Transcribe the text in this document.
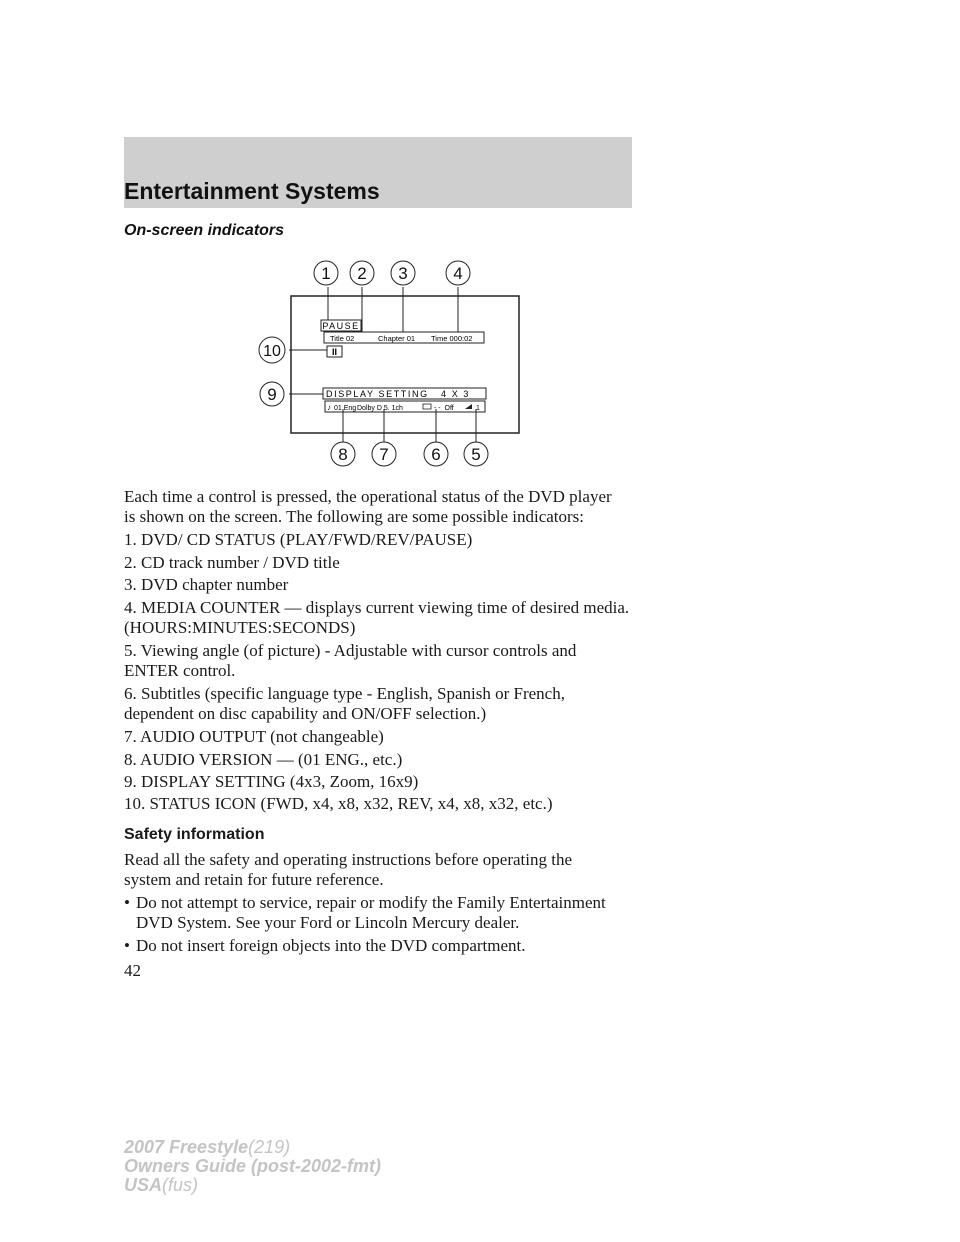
Entertainment Systems
On-screen indicators
PAUSE
Title 02	Chapter 01 Time 000:02
II
DISPLAY SETTING   4 X 3
♪ 01 Eng Dolby D 5. 1ch	- -  Off	1
1 2 3	4
10
9
8 7	6 5
Each time a control is pressed, the operational status of the DVD player
is shown on the screen. The following are some possible indicators:
1. DVD/ CD STATUS (PLAY/FWD/REV/PAUSE)
2. CD track number / DVD title
3. DVD chapter number
4. MEDIA COUNTER — displays current viewing time of desired media.
(HOURS:MINUTES:SECONDS)
5. Viewing angle (of picture) - Adjustable with cursor controls and
ENTER control.
6. Subtitles (specific language type - English, Spanish or French,
dependent on disc capability and ON/OFF selection.)
7. AUDIO OUTPUT (not changeable)
8. AUDIO VERSION — (01 ENG., etc.)
9. DISPLAY SETTING (4x3, Zoom, 16x9)
10. STATUS ICON (FWD, x4, x8, x32, REV, x4, x8, x32, etc.)
Safety information
Read all the safety and operating instructions before operating the
system and retain for future reference.
• Do not attempt to service, repair or modify the Family Entertainment
DVD System. See your Ford or Lincoln Mercury dealer.
• Do not insert foreign objects into the DVD compartment.
42
2007 Freestyle(219)
Owners Guide (post-2002-fmt)
USA(fus)
